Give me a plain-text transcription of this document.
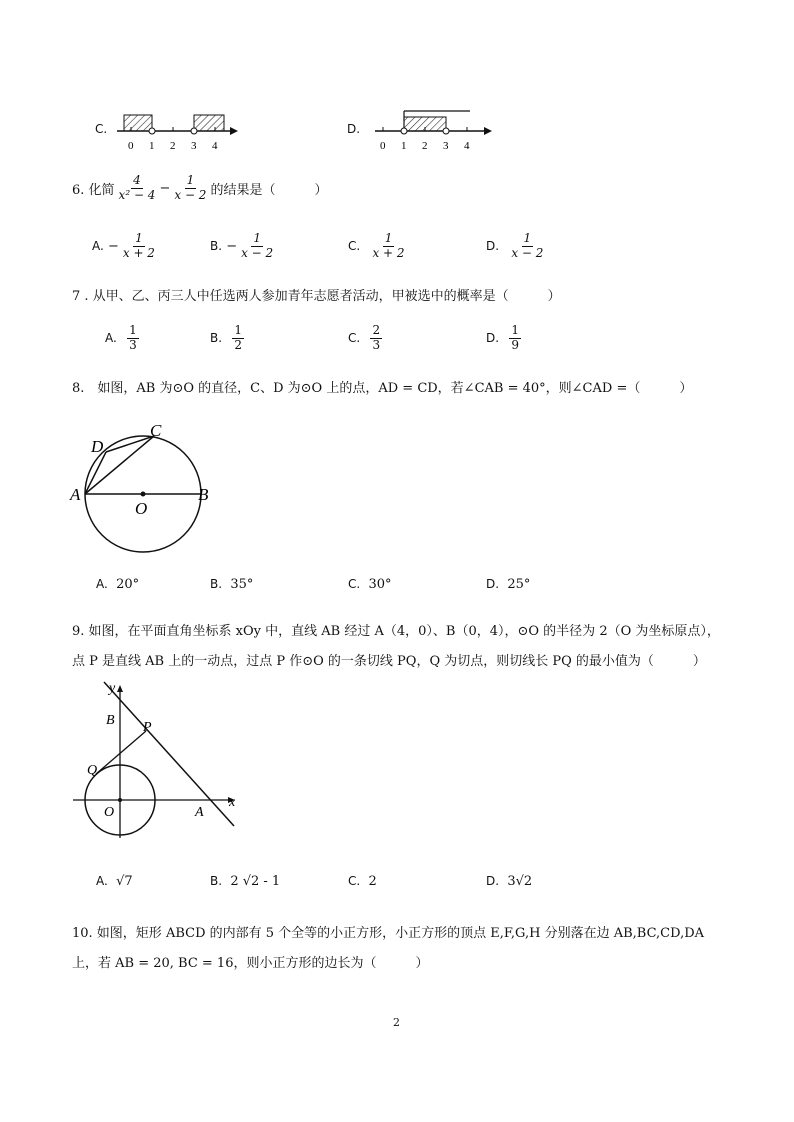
C.
0 1 2 3 4
D.
0 1 2 3 4
6. 化简 $\frac{4}{\text{x² − 4}} - \frac{1}{x - 2}$ 的结果是（　　　）
A.
− $\frac{1}{x + 2}$	B.
− $\frac{1}{x - 2}$	C.
$\frac{1}{x + 2}$	D.
$\frac{1}{x - 2}$
7 . 从甲、乙、丙三人中任选两人参加青年志愿者活动，甲被选中的概率是（　　　）
A.
$\frac{1}{3}$	B.
$\frac{1}{2}$	C.
$\frac{2}{3}$	D.
$\frac{1}{9}$
8.　如图，AB 为⊙O 的直径，C、D 为⊙O 上的点，AD = CD，若∠CAB = 40°，则∠CAD =（　　　）
A	B
C
D
O
A. 20°	B. 35°	C. 30°	D. 25°
9. 如图，在平面直角坐标系 xOy 中，直线 AB 经过 A（4，0）、B（0，4），⊙O 的半径为 2（O 为坐标原点），
点 P 是直线 AB 上的一动点，过点 P 作⊙O 的一条切线 PQ，Q 为切点，则切线长 PQ 的最小值为（　　　）
y
x
B P
Q
O	A
A. √7	B. 2 √2 - 1	C. 2	D. 3√2
10. 如图，矩形 ABCD 的内部有 5 个全等的小正方形，小正方形的顶点 E,F,G,H 分别落在边 AB,BC,CD,DA
上，若 AB = 20, BC = 16，则小正方形的边长为（　　　）
2
